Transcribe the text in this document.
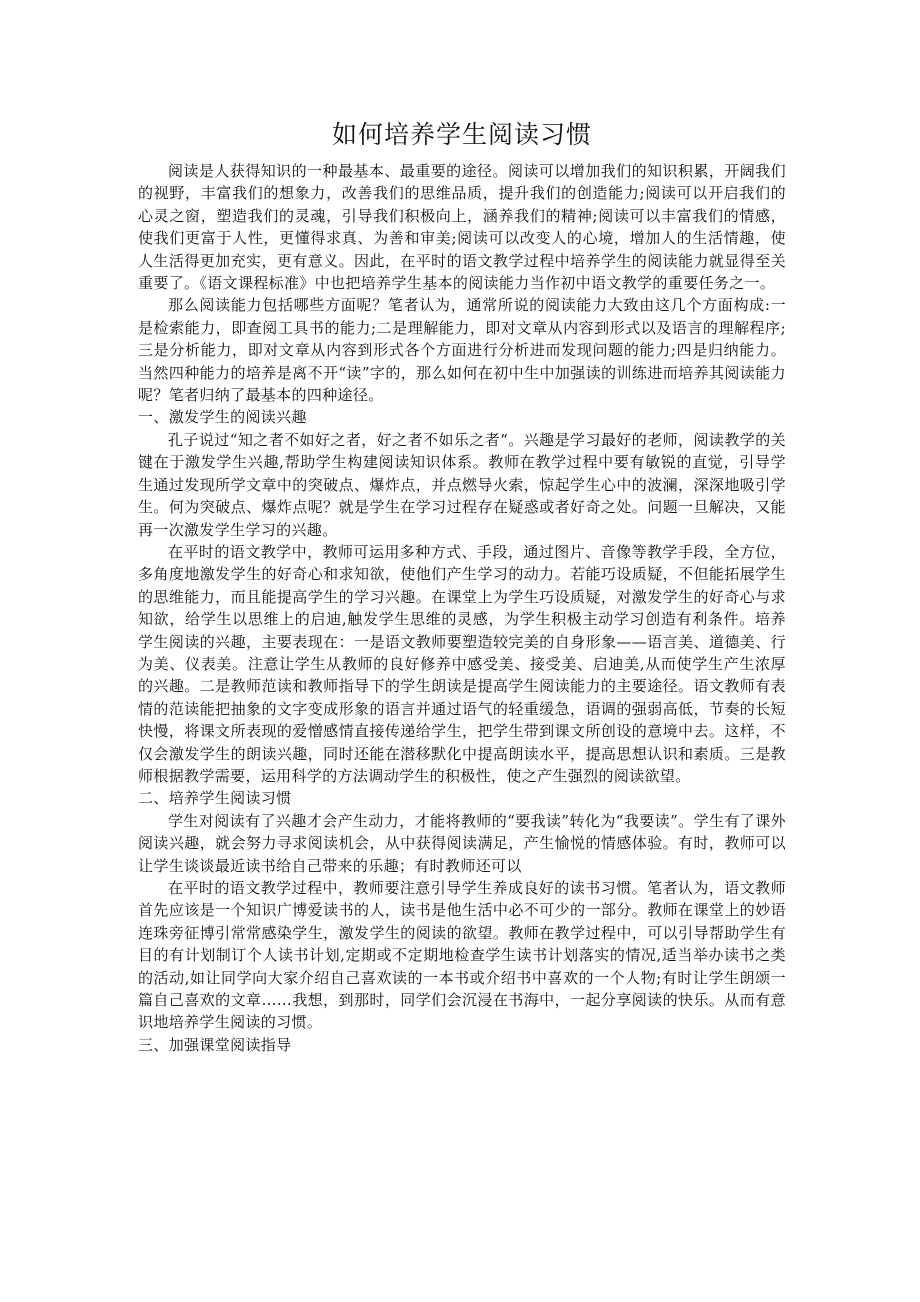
如何培养学生阅读习惯

阅读是人获得知识的一种最基本、最重要的途径。阅读可以增加我们的知识积累，开阔我们的视野，丰富我们的想象力，改善我们的思维品质，提升我们的创造能力;阅读可以开启我们的心灵之窗，塑造我们的灵魂，引导我们积极向上，涵养我们的精神;阅读可以丰富我们的情感，使我们更富于人性，更懂得求真、为善和审美;阅读可以改变人的心境，增加人的生活情趣，使人生活得更加充实，更有意义。因此，在平时的语文教学过程中培养学生的阅读能力就显得至关重要了。《语文课程标准》中也把培养学生基本的阅读能力当作初中语文教学的重要任务之一。

那么阅读能力包括哪些方面呢？笔者认为，通常所说的阅读能力大致由这几个方面构成:一是检索能力，即查阅工具书的能力;二是理解能力，即对文章从内容到形式以及语言的理解程序;三是分析能力，即对文章从内容到形式各个方面进行分析进而发现问题的能力;四是归纳能力。当然四种能力的培养是离不开“读”字的，那么如何在初中生中加强读的训练进而培养其阅读能力呢？笔者归纳了最基本的四种途径。

一、激发学生的阅读兴趣

孔子说过“知之者不如好之者，好之者不如乐之者“。兴趣是学习最好的老师，阅读教学的关键在于激发学生兴趣,帮助学生构建阅读知识体系。教师在教学过程中要有敏锐的直觉，引导学生通过发现所学文章中的突破点、爆炸点，并点燃导火索，惊起学生心中的波澜，深深地吸引学生。何为突破点、爆炸点呢？就是学生在学习过程存在疑惑或者好奇之处。问题一旦解决，又能再一次激发学生学习的兴趣。

在平时的语文教学中，教师可运用多种方式、手段，通过图片、音像等教学手段，全方位，多角度地激发学生的好奇心和求知欲，使他们产生学习的动力。若能巧设质疑，不但能拓展学生的思维能力，而且能提高学生的学习兴趣。在课堂上为学生巧设质疑，对激发学生的好奇心与求知欲，给学生以思维上的启迪,触发学生思维的灵感，为学生积极主动学习创造有利条件。培养学生阅读的兴趣，主要表现在：一是语文教师要塑造较完美的自身形象——语言美、道德美、行为美、仪表美。注意让学生从教师的良好修养中感受美、接受美、启迪美,从而使学生产生浓厚的兴趣。二是教师范读和教师指导下的学生朗读是提高学生阅读能力的主要途径。语文教师有表情的范读能把抽象的文字变成形象的语言并通过语气的轻重缓急，语调的强弱高低，节奏的长短快慢，将课文所表现的爱憎感情直接传递给学生，把学生带到课文所创设的意境中去。这样，不仅会激发学生的朗读兴趣，同时还能在潜移默化中提高朗读水平，提高思想认识和素质。三是教师根据教学需要，运用科学的方法调动学生的积极性，使之产生强烈的阅读欲望。

二、培养学生阅读习惯

学生对阅读有了兴趣才会产生动力，才能将教师的“要我读”转化为“我要读”。学生有了课外阅读兴趣，就会努力寻求阅读机会，从中获得阅读满足，产生愉悦的情感体验。有时，教师可以让学生谈谈最近读书给自己带来的乐趣；有时教师还可以

在平时的语文教学过程中，教师要注意引导学生养成良好的读书习惯。笔者认为，语文教师首先应该是一个知识广博爱读书的人，读书是他生活中必不可少的一部分。教师在课堂上的妙语连珠旁征博引常常感染学生，激发学生的阅读的欲望。教师在教学过程中，可以引导帮助学生有目的有计划制订个人读书计划,定期或不定期地检查学生读书计划落实的情况,适当举办读书之类的活动,如让同学向大家介绍自己喜欢读的一本书或介绍书中喜欢的一个人物;有时让学生朗颂一篇自己喜欢的文章……我想，到那时，同学们会沉浸在书海中，一起分享阅读的快乐。从而有意识地培养学生阅读的习惯。

三、加强课堂阅读指导
